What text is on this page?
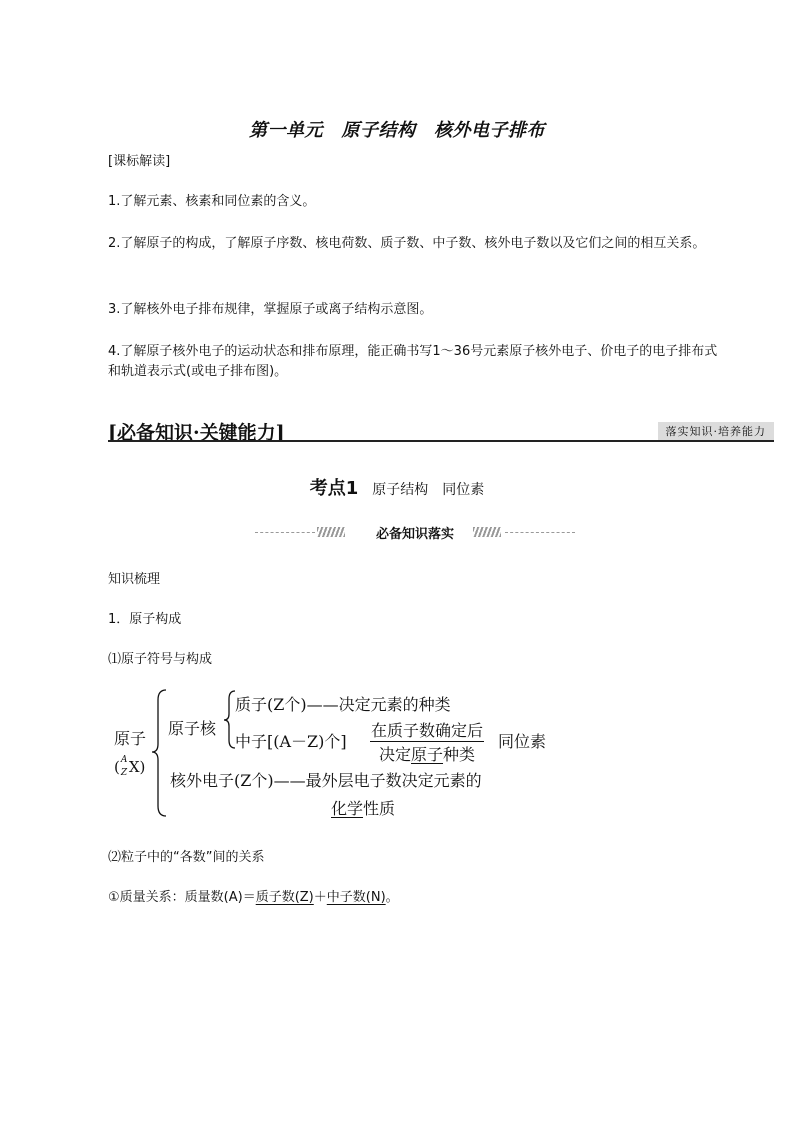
第一单元　原子结构　核外电子排布
[课标解读]
1.了解元素、核素和同位素的含义。
2.了解原子的构成，了解原子序数、核电荷数、质子数、中子数、核外电子数以及它们之间的相互关系。
3.了解核外电子排布规律，掌握原子或离子结构示意图。
4.了解原子核外电子的运动状态和排布原理，能正确书写1～36号元素原子核外电子、价电子的电子排布式和轨道表示式(或电子排布图)。
[必备知识·关键能力]	落实知识·培养能力
考点1 原子结构　同位素
必备知识落实
知识梳理
1．原子构成
⑴原子符号与构成
原子
( A
Z X)
原子核
质子(Z个)——决定元素的种类
中子[(A－Z)个]
在质子数确定后
决定原子种类
同位素
核外电子(Z个)——最外层电子数决定元素的
化学性质
⑵粒子中的“各数”间的关系
①质量关系：质量数(A)＝质子数(Z)＋中子数(N)。
